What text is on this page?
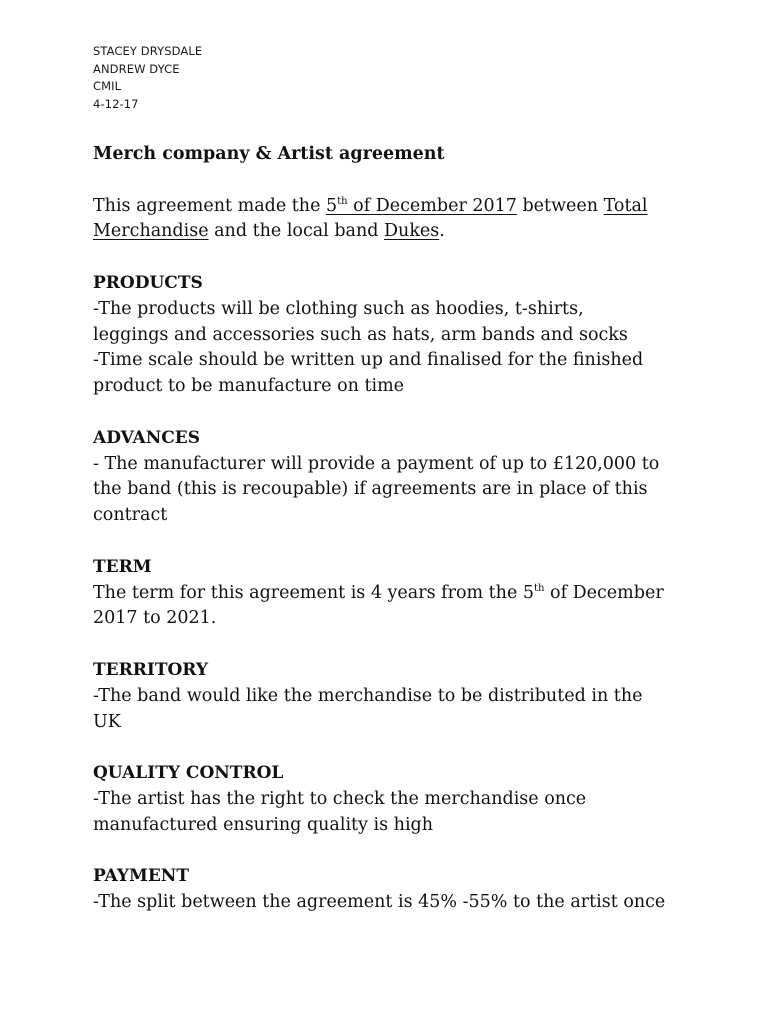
STACEY DRYSDALE
ANDREW DYCE
CMIL
4-12-17

Merch company & Artist agreement

This agreement made the 5th of December 2017 between Total

Merchandise and the local band Dukes.

PRODUCTS

-The products will be clothing such as hoodies, t-shirts,

leggings and accessories such as hats, arm bands and socks

-Time scale should be written up and finalised for the finished

product to be manufacture on time

ADVANCES

- The manufacturer will provide a payment of up to £120,000 to

the band (this is recoupable) if agreements are in place of this

contract

TERM

The term for this agreement is 4 years from the 5th of December

2017 to 2021.

TERRITORY

-The band would like the merchandise to be distributed in the

UK

QUALITY CONTROL

-The artist has the right to check the merchandise once

manufactured ensuring quality is high

PAYMENT

-The split between the agreement is 45% -55% to the artist once
